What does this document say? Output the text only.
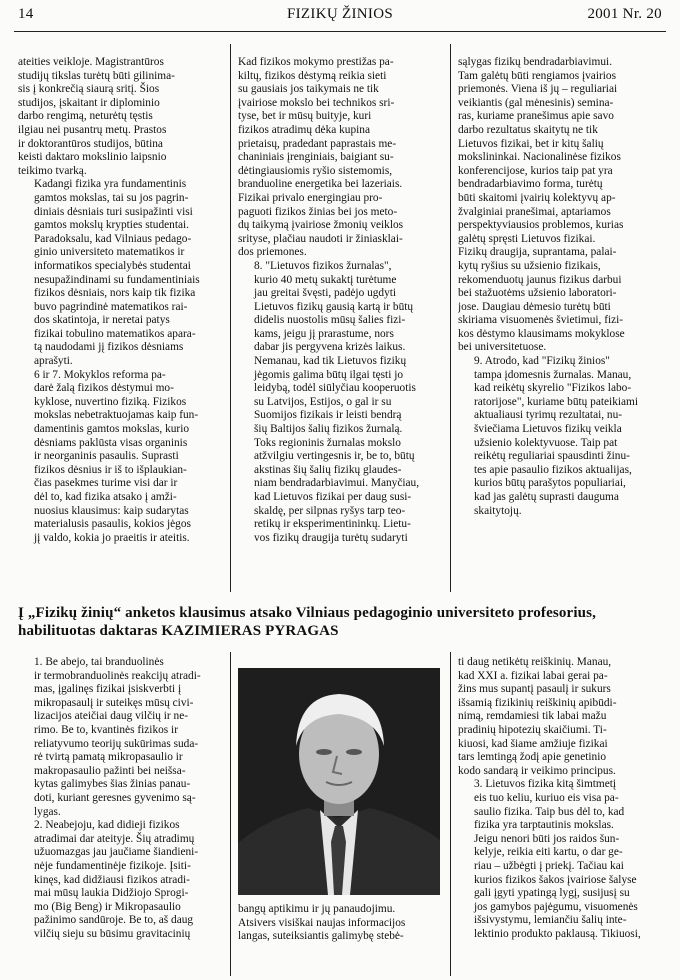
14	FIZIKŲ ŽINIOS	2001 Nr. 20

ateities veikloje. Magistrantūros
studijų tikslas turėtų būti gilinima-
sis į konkrečią siaurą sritį. Šios
studijos, įskaitant ir diplominio
darbo rengimą, neturėtų tęstis
ilgiau nei pusantrų metų. Prastos
ir doktorantūros studijos, būtina
keisti daktaro mokslinio laipsnio
teikimo tvarką.

Kadangi fizika yra fundamentinis
gamtos mokslas, tai su jos pagrin-
diniais dėsniais turi susipažinti visi
gamtos mokslų krypties studentai.
Paradoksalu, kad Vilniaus pedago-
ginio universiteto matematikos ir
informatikos specialybės studentai
nesupažindinami su fundamentiniais
fizikos dėsniais, nors kaip tik fizika
buvo pagrindinė matematikos rai-
dos skatintoja, ir neretai patys
fizikai tobulino matematikos apara-
tą naudodami jį fizikos dėsniams
aprašyti.

6 ir 7. Mokyklos reforma pa-
darė žalą fizikos dėstymui mo-
kyklose, nuvertino fiziką. Fizikos
mokslas nebetraktuojamas kaip fun-
damentinis gamtos mokslas, kurio
dėsniams paklūsta visas organinis
ir neorganinis pasaulis. Suprasti
fizikos dėsnius ir iš to išplaukian-
čias pasekmes turime visi dar ir
dėl to, kad fizika atsako į amži-
nuosius klausimus: kaip sudarytas
materialusis pasaulis, kokios jėgos
jį valdo, kokia jo praeitis ir ateitis.

Kad fizikos mokymo prestižas pa-
kiltų, fizikos dėstymą reikia sieti
su gausiais jos taikymais ne tik
įvairiose mokslo bei technikos sri-
tyse, bet ir mūsų buityje, kuri
fizikos atradimų dėka kupina
prietaisų, pradedant paprastais me-
chaniniais įrenginiais, baigiant su-
dėtingiausiomis ryšio sistemomis,
branduoline energetika bei lazeriais.
Fizikai privalo energingiau pro-
paguoti fizikos žinias bei jos meto-
dų taikymą įvairiose žmonių veiklos
srityse, plačiau naudoti ir žiniasklai-
dos priemones.

8. "Lietuvos fizikos žurnalas",
kurio 40 metų sukaktį turėtume
jau greitai švęsti, padėjo ugdyti
Lietuvos fizikų gausią kartą ir būtų
didelis nuostolis mūsų šalies fizi-
kams, jeigu jį prarastume, nors
dabar jis pergyvena krizės laikus.
Nemanau, kad tik Lietuvos fizikų
jėgomis galima būtų ilgai tęsti jo
leidybą, todėl siūlyčiau kooperuotis
su Latvijos, Estijos, o gal ir su
Suomijos fizikais ir leisti bendrą
šių Baltijos šalių fizikos žurnalą.
Toks regioninis žurnalas mokslo
atžvilgiu vertingesnis ir, be to, būtų
akstinas šių šalių fizikų glaudes-
niam bendradarbiavimui. Manyčiau,
kad Lietuvos fizikai per daug susi-
skaldę, per silpnas ryšys tarp teo-
retikų ir eksperimentininkų. Lietu-
vos fizikų draugija turėtų sudaryti

sąlygas fizikų bendradarbiavimui.
Tam galėtų būti rengiamos įvairios
priemonės. Viena iš jų – reguliariai
veikiantis (gal mėnesinis) semina-
ras, kuriame pranešimus apie savo
darbo rezultatus skaitytų ne tik
Lietuvos fizikai, bet ir kitų šalių
mokslininkai. Nacionalinėse fizikos
konferencijose, kurios taip pat yra
bendradarbiavimo forma, turėtų
būti skaitomi įvairių kolektyvų ap-
žvalginiai pranešimai, aptariamos
perspektyviausios problemos, kurias
galėtų spręsti Lietuvos fizikai.
Fizikų draugija, suprantama, palai-
kytų ryšius su užsienio fizikais,
rekomenduotų jaunus fizikus darbui
bei stažuotėms užsienio laboratori-
jose. Daugiau dėmesio turėtų būti
skiriama visuomenės švietimui, fizi-
kos dėstymo klausimams mokyklose
bei universitetuose.

9. Atrodo, kad "Fizikų žinios"
tampa įdomesnis žurnalas. Manau,
kad reikėtų skyrelio "Fizikos labo-
ratorijose", kuriame būtų pateikiami
aktualiausi tyrimų rezultatai, nu-
šviečiama Lietuvos fizikų veikla
užsienio kolektyvuose. Taip pat
reikėtų reguliariai spausdinti žinu-
tes apie pasaulio fizikos aktualijas,
kurios būtų parašytos populiariai,
kad jas galėtų suprasti dauguma
skaitytojų.

Į „Fizikų žinių“ anketos klausimus atsako Vilniaus pedagoginio universiteto profesorius,
habilituotas daktaras KAZIMIERAS PYRAGAS

1. Be abejo, tai branduolinės
ir termobranduolinės reakcijų atradi-
mas, įgalinęs fizikai įsiskverbti į
mikropasaulį ir suteikęs mūsų civi-
lizacijos ateičiai daug vilčių ir ne-
rimo. Be to, kvantinės fizikos ir
reliatyvumo teorijų sukūrimas suda-
rė tvirtą pamatą mikropasaulio ir
makropasaulio pažinti bei neišsa-
kytas galimybes šias žinias panau-
doti, kuriant geresnes gyvenimo są-
lygas.

2. Neabejoju, kad didieji fizikos
atradimai dar ateityje. Šių atradimų
užuomazgas jau jaučiame šiandieni-
nėje fundamentinėje fizikoje. Įsiti-
kinęs, kad didžiausi fizikos atradi-
mai mūsų laukia Didžiojo Sprogi-
mo (Big Beng) ir Mikropasaulio
pažinimo sandūroje. Be to, aš daug
vilčių sieju su būsimu gravitacinių

bangų aptikimu ir jų panaudojimu.
Atsivers visiškai naujas informacijos
langas, suteiksiantis galimybę stebė-

ti daug netikėtų reiškinių. Manau,
kad XXI a. fizikai labai gerai pa-
žins mus supantį pasaulį ir sukurs
išsamią fizikinių reiškinių apibūdi-
nimą, remdamiesi tik labai mažu
pradinių hipotezių skaičiumi. Ti-
kiuosi, kad šiame amžiuje fizikai
tars lemtingą žodį apie genetinio
kodo sandarą ir veikimo principus.

3. Lietuvos fizika kitą šimtmetį
eis tuo keliu, kuriuo eis visa pa-
saulio fizika. Taip bus dėl to, kad
fizika yra tarptautinis mokslas.
Jeigu nenori būti jos raidos šun-
kelyje, reikia eiti kartu, o dar ge-
riau – užbėgti į priekį. Tačiau kai
kurios fizikos šakos įvairiose šalyse
gali įgyti ypatingą lygį, susijusį su
jos gamybos pajėgumu, visuomenės
išsivystymu, lemiančiu šalių inte-
lektinio produkto paklausą. Tikiuosi,
